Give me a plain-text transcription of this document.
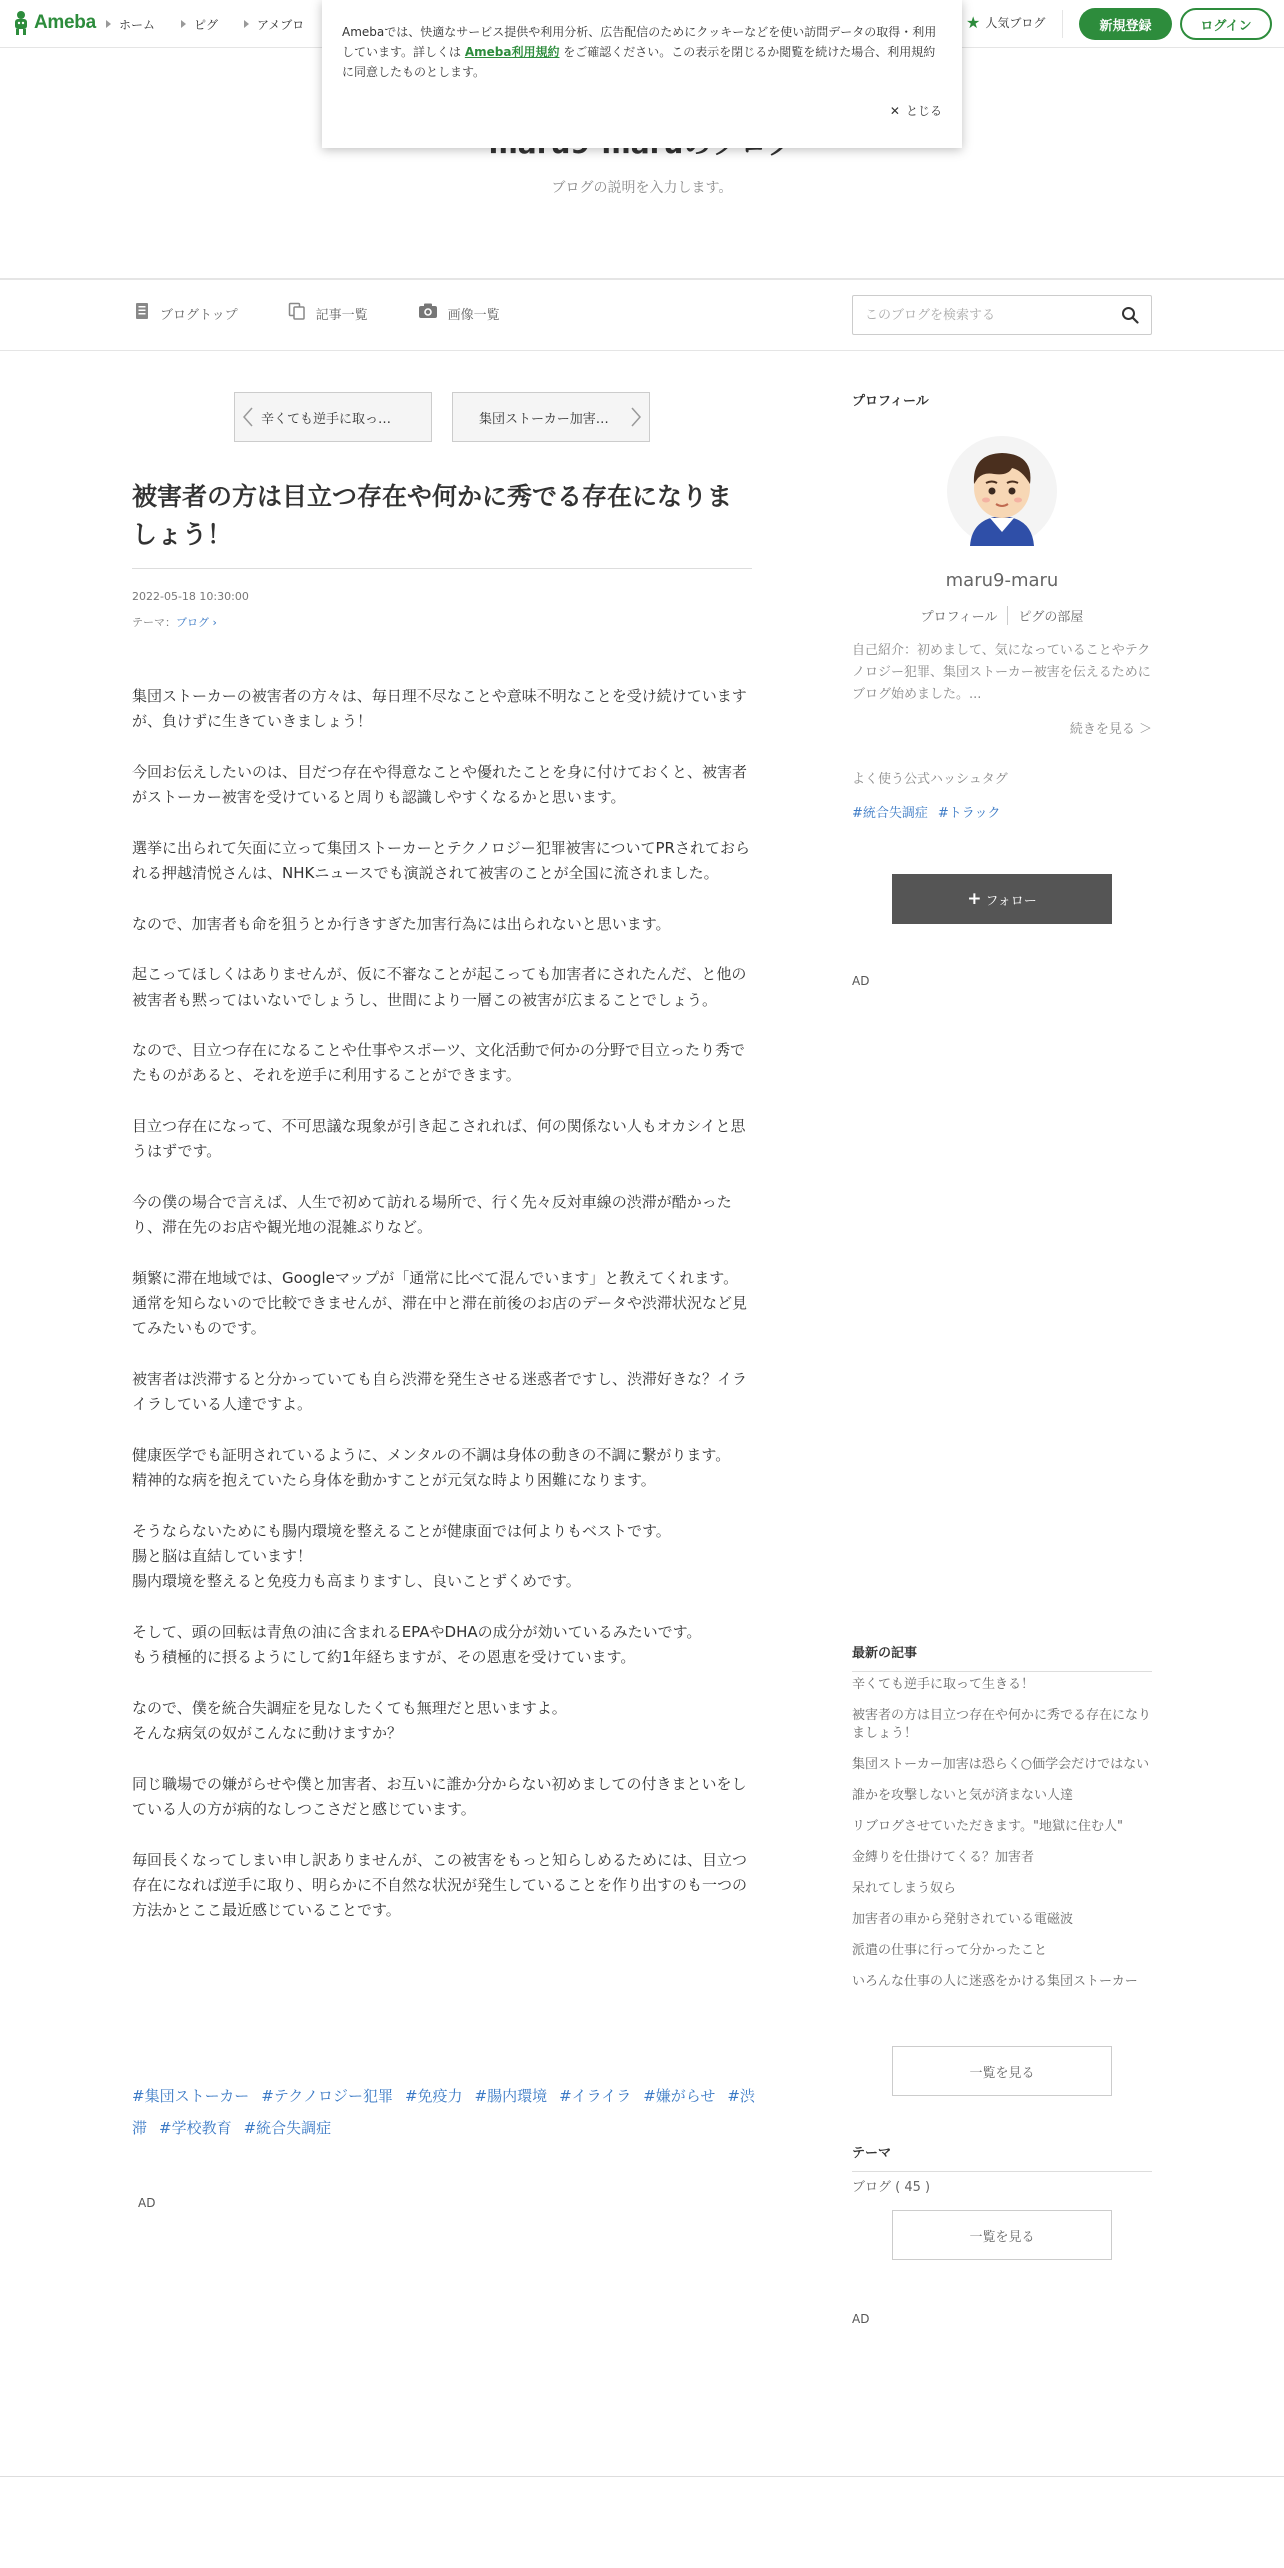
Ameba ホーム	ピグ	アメブロ	★ 人気ブログ	新規登録	ログイン
Amebaでは、快適なサービス提供や利用分析、広告配信のためにクッキーなどを使い訪問データの取得・利用しています。詳しくは Ameba利用規約 をご確認ください。この表示を閉じるか閲覧を続けた場合、利用規約に同意したものとします。
✕ とじる
ブログの説明を入力します。
ブログトップ	記事一覧	画像一覧
このブログを検索する
辛くても逆手に取っ…	集団ストーカー加害…
被害者の方は目立つ存在や何かに秀でる存在になりましょう！
2022-05-18 10:30:00
テーマ：ブログ ›

集団ストーカーの被害者の方々は、毎日理不尽なことや意味不明なことを受け続けていますが、負けずに生きていきましょう！

今回お伝えしたいのは、目だつ存在や得意なことや優れたことを身に付けておくと、被害者がストーカー被害を受けていると周りも認識しやすくなるかと思います。

選挙に出られて矢面に立って集団ストーカーとテクノロジー犯罪被害についてPRされておられる押越清悦さんは、NHKニュースでも演説されて被害のことが全国に流されました。

なので、加害者も命を狙うとか行きすぎた加害行為には出られないと思います。

起こってほしくはありませんが、仮に不審なことが起こっても加害者にされたんだ、と他の被害者も黙ってはいないでしょうし、世間により一層この被害が広まることでしょう。

なので、目立つ存在になることや仕事やスポーツ、文化活動で何かの分野で目立ったり秀でたものがあると、それを逆手に利用することができます。

目立つ存在になって、不可思議な現象が引き起こされれば、何の関係ない人もオカシイと思うはずです。

今の僕の場合で言えば、人生で初めて訪れる場所で、行く先々反対車線の渋滞が酷かったり、滞在先のお店や観光地の混雑ぶりなど。

頻繁に滞在地域では、Googleマップが「通常に比べて混んでいます」と教えてくれます。
通常を知らないので比較できませんが、滞在中と滞在前後のお店のデータや渋滞状況など見てみたいものです。

被害者は渋滞すると分かっていても自ら渋滞を発生させる迷惑者ですし、渋滞好きな？イライラしている人達ですよ。

健康医学でも証明されているように、メンタルの不調は身体の動きの不調に繋がります。
精神的な病を抱えていたら身体を動かすことが元気な時より困難になります。

そうならないためにも腸内環境を整えることが健康面では何よりもベストです。
腸と脳は直結しています！
腸内環境を整えると免疫力も高まりますし、良いことずくめです。

そして、頭の回転は青魚の油に含まれるEPAやDHAの成分が効いているみたいです。
もう積極的に摂るようにして約1年経ちますが、その恩恵を受けています。

なので、僕を統合失調症を見なしたくても無理だと思いますよ。
そんな病気の奴がこんなに動けますか？

同じ職場での嫌がらせや僕と加害者、お互いに誰か分からない初めましての付きまといをしている人の方が病的なしつこさだと感じています。

毎回長くなってしまい申し訳ありませんが、この被害をもっと知らしめるためには、目立つ存在になれば逆手に取り、明らかに不自然な状況が発生していることを作り出すのも一つの方法かとここ最近感じていることです。

#集団ストーカー #テクノロジー犯罪 #免疫力 #腸内環境 #イライラ #嫌がらせ #渋滞 #学校教育 #統合失調症
AD
プロフィール
maru9-maru
プロフィール	ピグの部屋
自己紹介：初めまして、気になっていることやテクノロジー犯罪、集団ストーカー被害を伝えるためにブログ始めました。...
続きを見る ＞
よく使う公式ハッシュタグ
#統合失調症 #トラック
+ フォロー
AD
最新の記事
辛くても逆手に取って生きる！
被害者の方は目立つ存在や何かに秀でる存在になりましょう！
集団ストーカー加害は恐らく○価学会だけではない
誰かを攻撃しないと気が済まない人達
リブログさせていただきます。"地獄に住む人"
金縛りを仕掛けてくる？加害者
呆れてしまう奴ら
加害者の車から発射されている電磁波
派遣の仕事に行って分かったこと
いろんな仕事の人に迷惑をかける集団ストーカー
一覧を見る
テーマ
ブログ ( 45 )
一覧を見る
AD
